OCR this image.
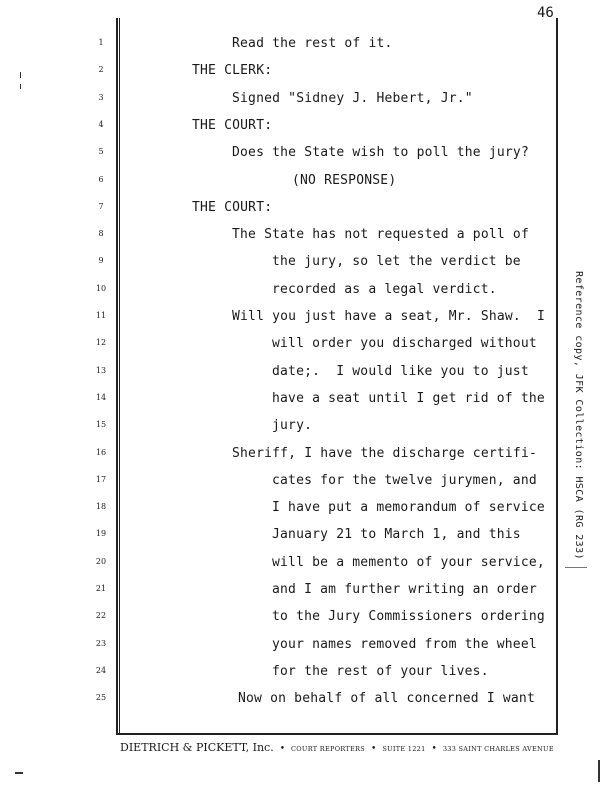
46
1	Read the rest of it.
2	THE CLERK:
3	Signed "Sidney J. Hebert, Jr."
4	THE COURT:
5	Does the State wish to poll the jury?
6	(NO RESPONSE)
7	THE COURT:
8	The State has not requested a poll of
9	the jury, so let the verdict be
10	recorded as a legal verdict.
11	Will you just have a seat, Mr. Shaw.  I
12	will order you discharged without
13	date;.  I would like you to just
14	have a seat until I get rid of the
15	jury.
16	Sheriff, I have the discharge certifi-
17	cates for the twelve jurymen, and
18	I have put a memorandum of service
19	January 21 to March 1, and this
20	will be a memento of your service,
21	and I am further writing an order
22	to the Jury Commissioners ordering
23	your names removed from the wheel
24	for the rest of your lives.
25	Now on behalf of all concerned I want
DIETRICH & PICKETT, Inc. • COURT REPORTERS • SUITE 1221 • 333 SAINT CHARLES AVENUE
Reference copy, JFK Collection: HSCA (RG 233)
